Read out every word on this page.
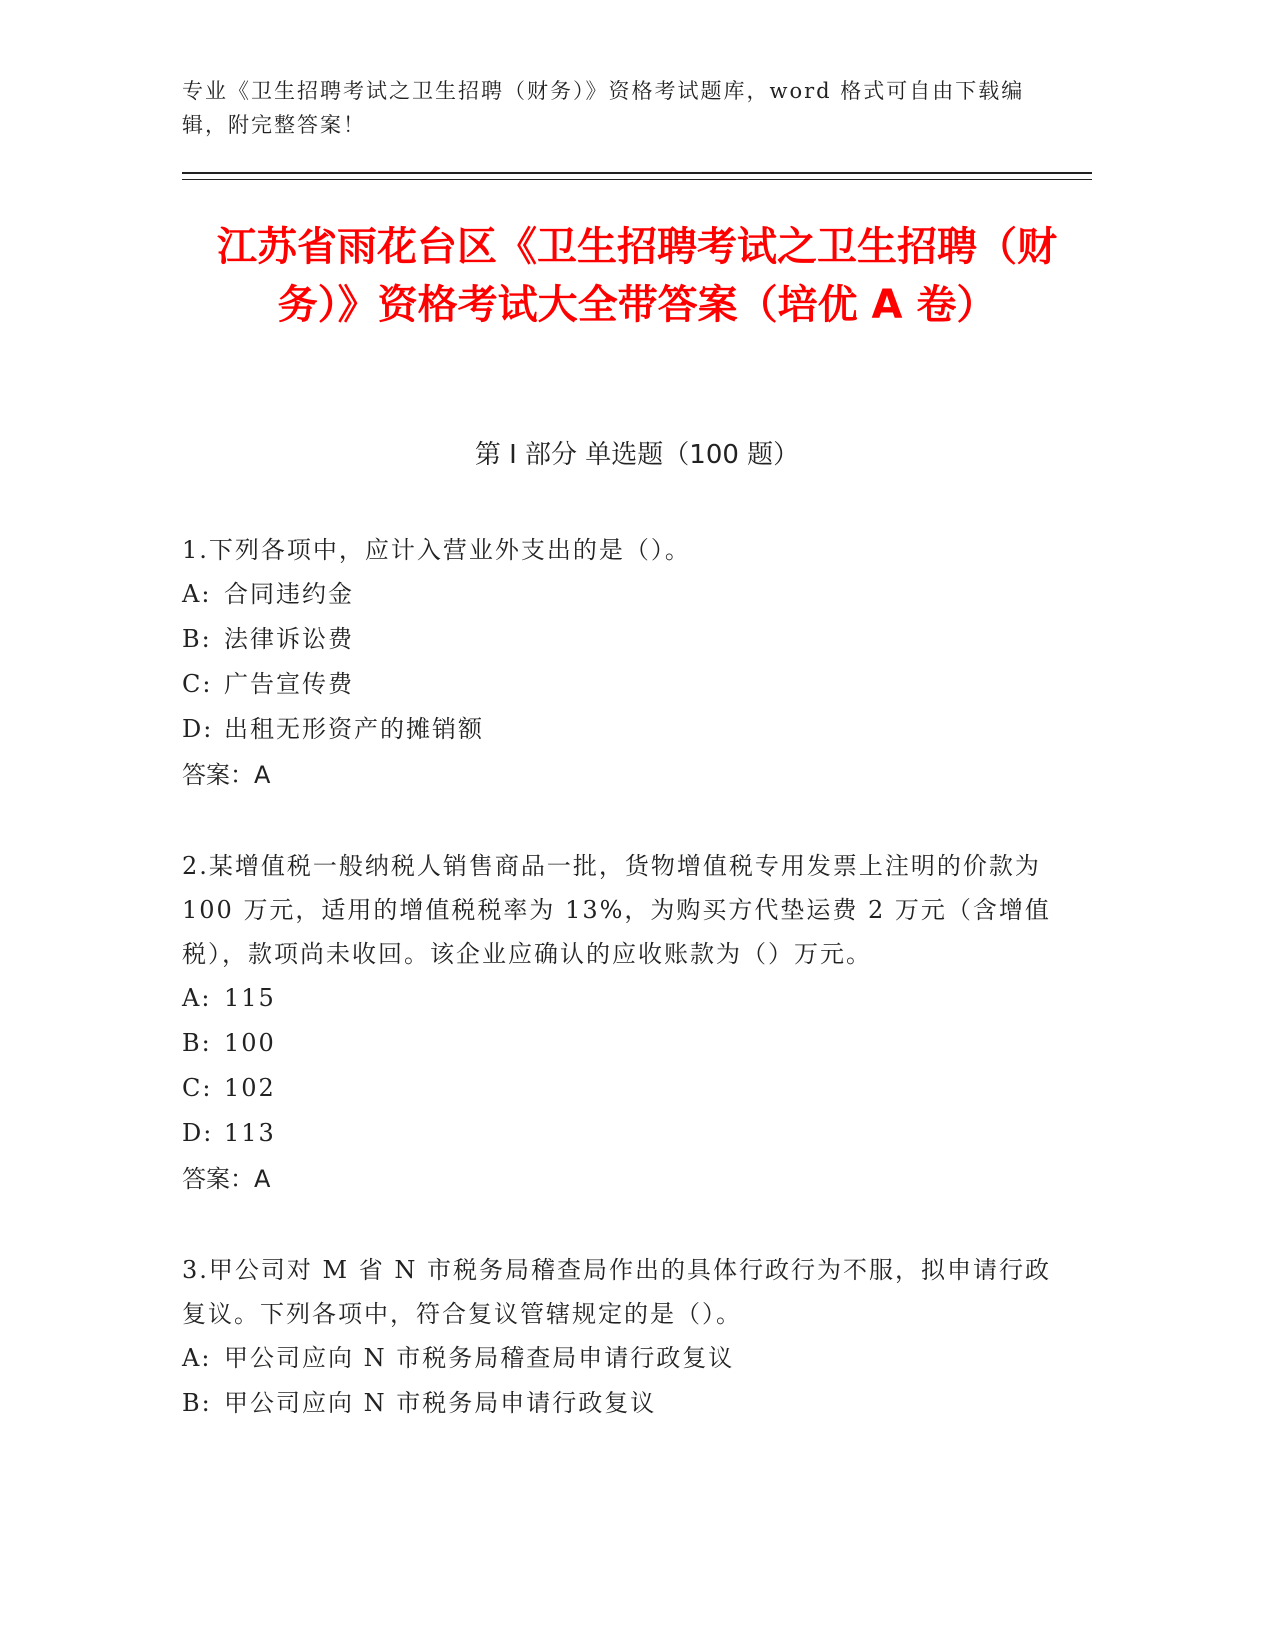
专业《卫生招聘考试之卫生招聘（财务）》资格考试题库，word 格式可自由下载编辑，附完整答案！
江苏省雨花台区《卫生招聘考试之卫生招聘（财务）》资格考试大全带答案（培优 A 卷）
第 I 部分 单选题（100 题）

1.下列各项中，应计入营业外支出的是（）。

A: 合同违约金

B: 法律诉讼费

C: 广告宣传费

D: 出租无形资产的摊销额

答案：A

2.某增值税一般纳税人销售商品一批，货物增值税专用发票上注明的价款为 100 万元，适用的增值税税率为 13%，为购买方代垫运费 2 万元（含增值税），款项尚未收回。该企业应确认的应收账款为（）万元。

A: 115

B: 100

C: 102

D: 113

答案：A

3.甲公司对 M 省 N 市税务局稽查局作出的具体行政行为不服，拟申请行政复议。下列各项中，符合复议管辖规定的是（）。

A: 甲公司应向 N 市税务局稽查局申请行政复议

B: 甲公司应向 N 市税务局申请行政复议
